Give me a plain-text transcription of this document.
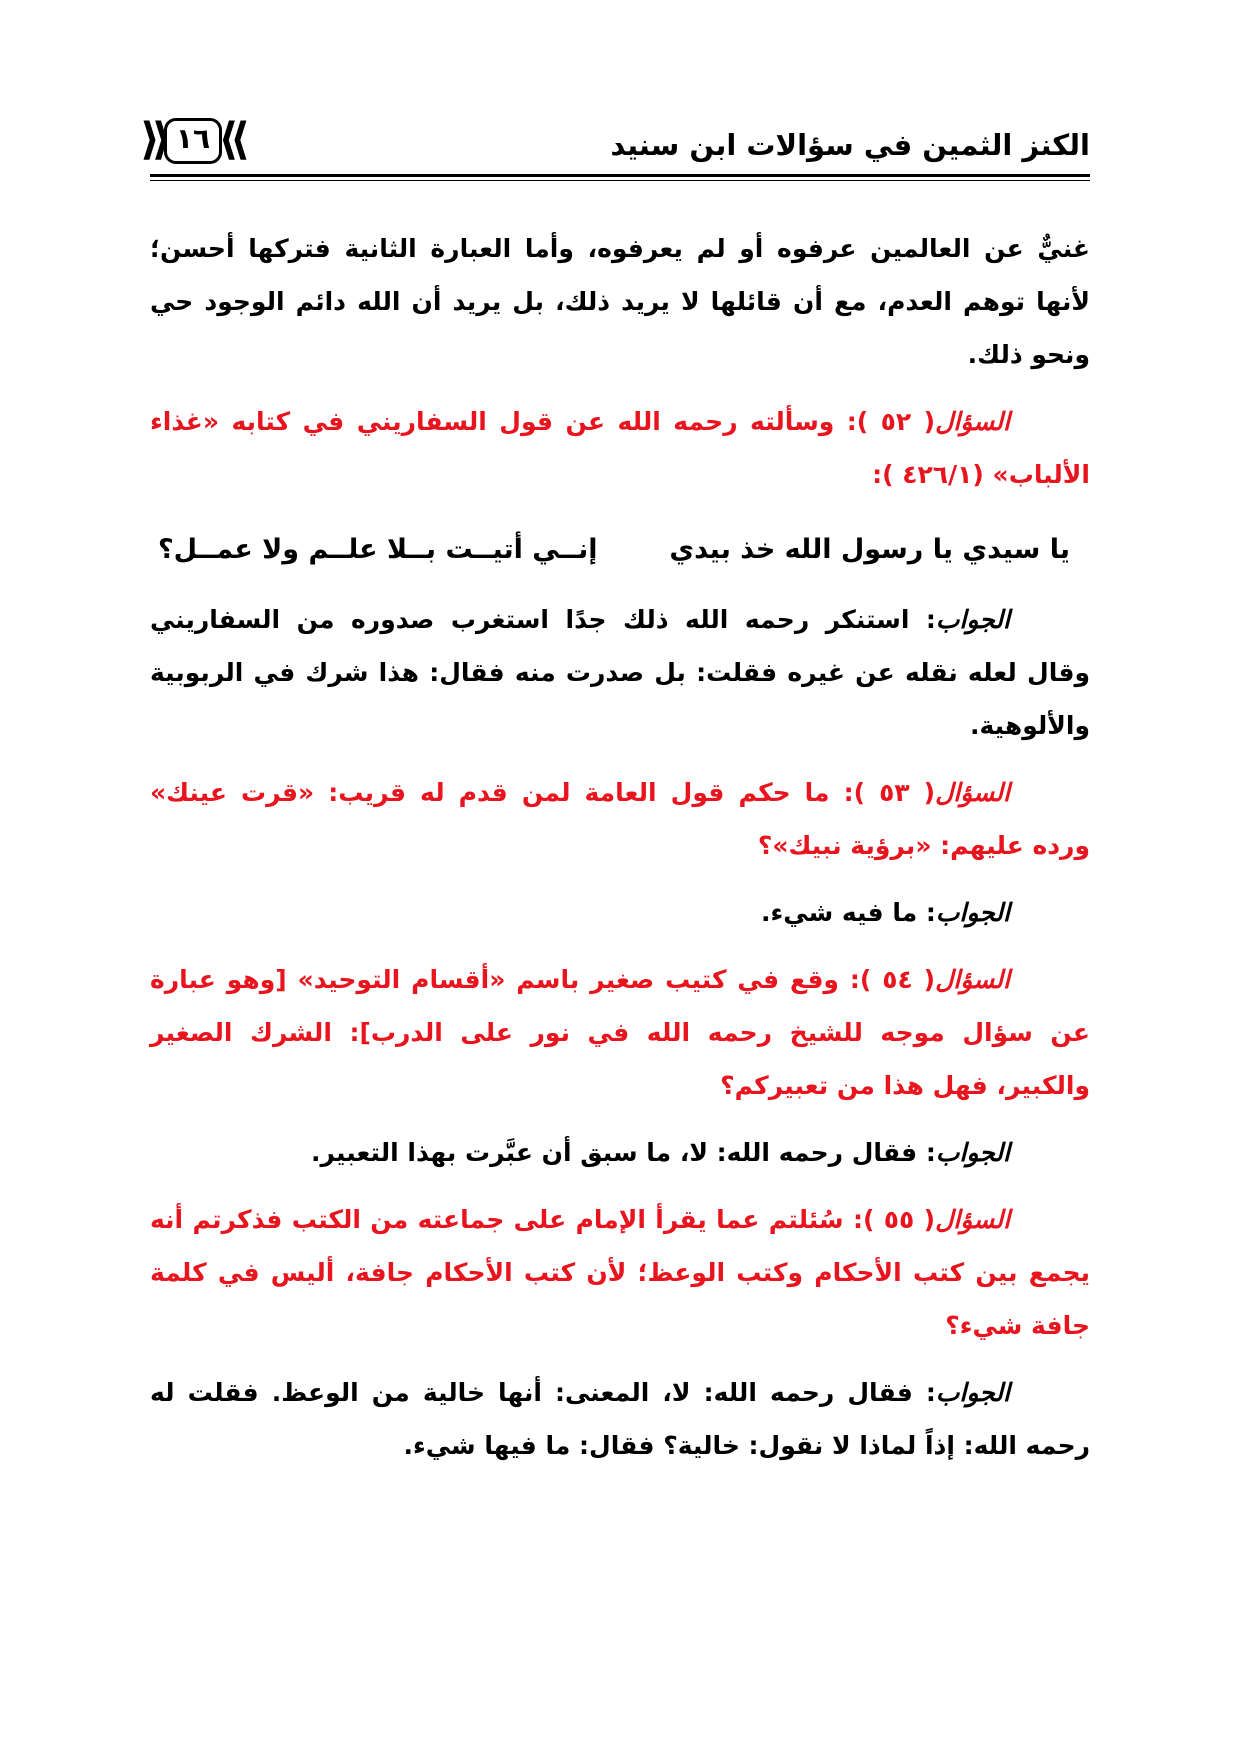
الكنز الثمين في سؤالات ابن سنيد
⟪ ١٦ ⟫

غنيٌّ عن العالمين عرفوه أو لم يعرفوه، وأما العبارة الثانية فتركها أحسن؛ لأنها توهم العدم، مع أن قائلها لا يريد ذلك، بل يريد أن الله دائم الوجود حي ونحو ذلك.

السؤال( ٥٢ ): وسألته رحمه الله عن قول السفاريني في كتابه «غذاء الألباب» (٤٢٦/١ ):

يا سيدي يا رسول الله خذ بيدي
إنــي أتيــت بــلا علــم ولا عمــل؟

الجواب: استنكر رحمه الله ذلك جدًا استغرب صدوره من السفاريني وقال لعله نقله عن غيره فقلت: بل صدرت منه فقال: هذا شرك في الربوبية والألوهية.

السؤال( ٥٣ ): ما حكم قول العامة لمن قدم له قريب: «قرت عينك» ورده عليهم: «برؤية نبيك»؟

الجواب: ما فيه شيء.

السؤال( ٥٤ ): وقع في كتيب صغير باسم «أقسام التوحيد» [وهو عبارة عن سؤال موجه للشيخ رحمه الله في نور على الدرب]: الشرك الصغير والكبير، فهل هذا من تعبيركم؟

الجواب: فقال رحمه الله: لا، ما سبق أن عبَّرت بهذا التعبير.

السؤال( ٥٥ ): سُئلتم عما يقرأ الإمام على جماعته من الكتب فذكرتم أنه يجمع بين كتب الأحكام وكتب الوعظ؛ لأن كتب الأحكام جافة، أليس في كلمة جافة شيء؟

الجواب: فقال رحمه الله: لا، المعنى: أنها خالية من الوعظ. فقلت له رحمه الله: إذاً لماذا لا نقول: خالية؟ فقال: ما فيها شيء.
